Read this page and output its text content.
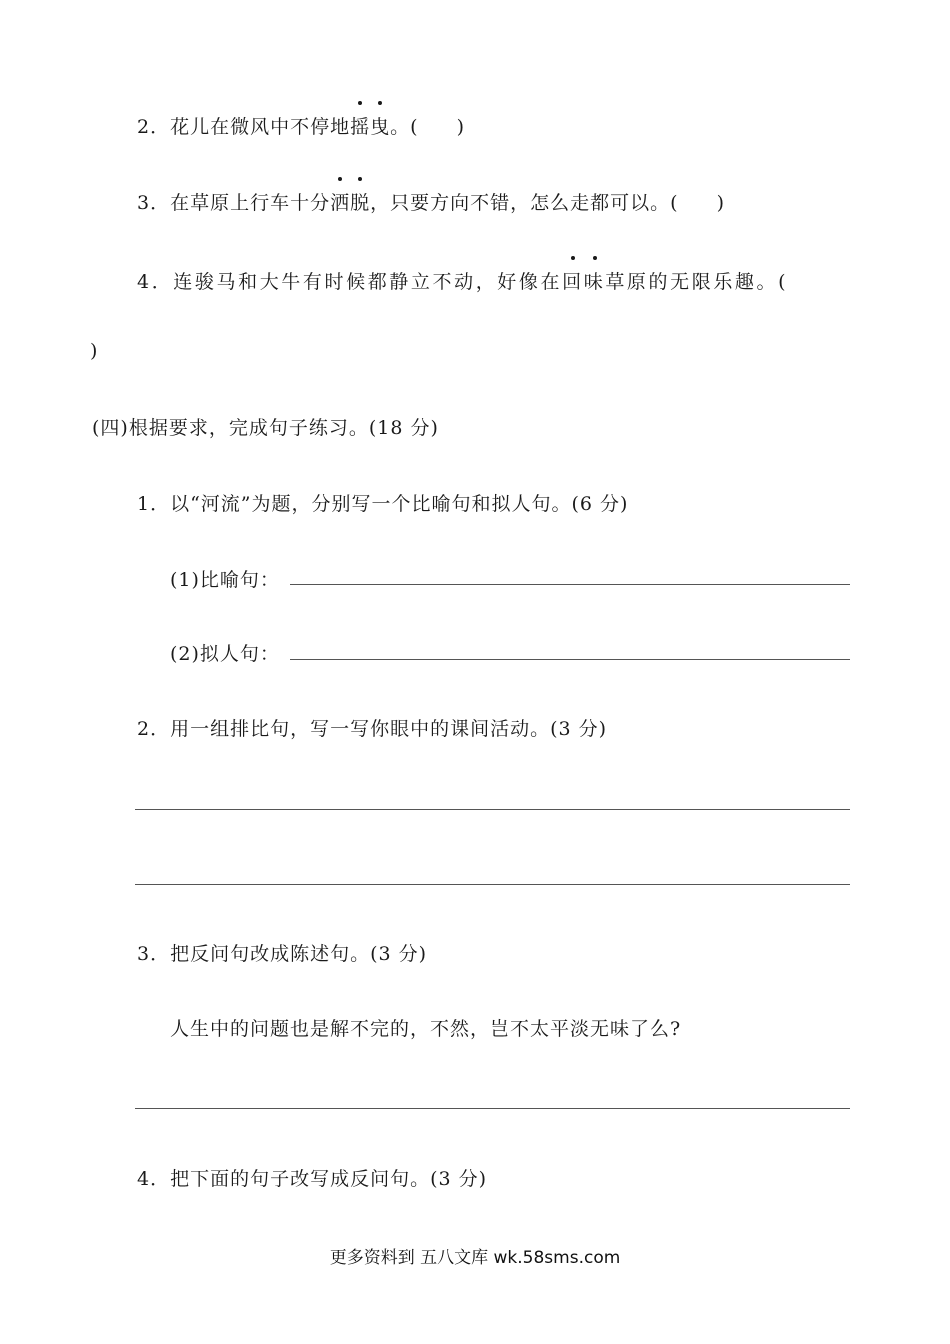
2．花儿在微风中不停地摇曳。( )
3．在草原上行车十分洒脱，只要方向不错，怎么走都可以。( )
4．连骏马和大牛有时候都静立不动，好像在回味草原的无限乐趣。(
)
(四)根据要求，完成句子练习。(18 分)
1．以“河流”为题，分别写一个比喻句和拟人句。(6 分)
(1)比喻句：
(2)拟人句：
2．用一组排比句，写一写你眼中的课间活动。(3 分)
3．把反问句改成陈述句。(3 分)
人生中的问题也是解不完的，不然，岂不太平淡无味了么?
4．把下面的句子改写成反问句。(3 分)
更多资料到 五八文库 wk.58sms.com
